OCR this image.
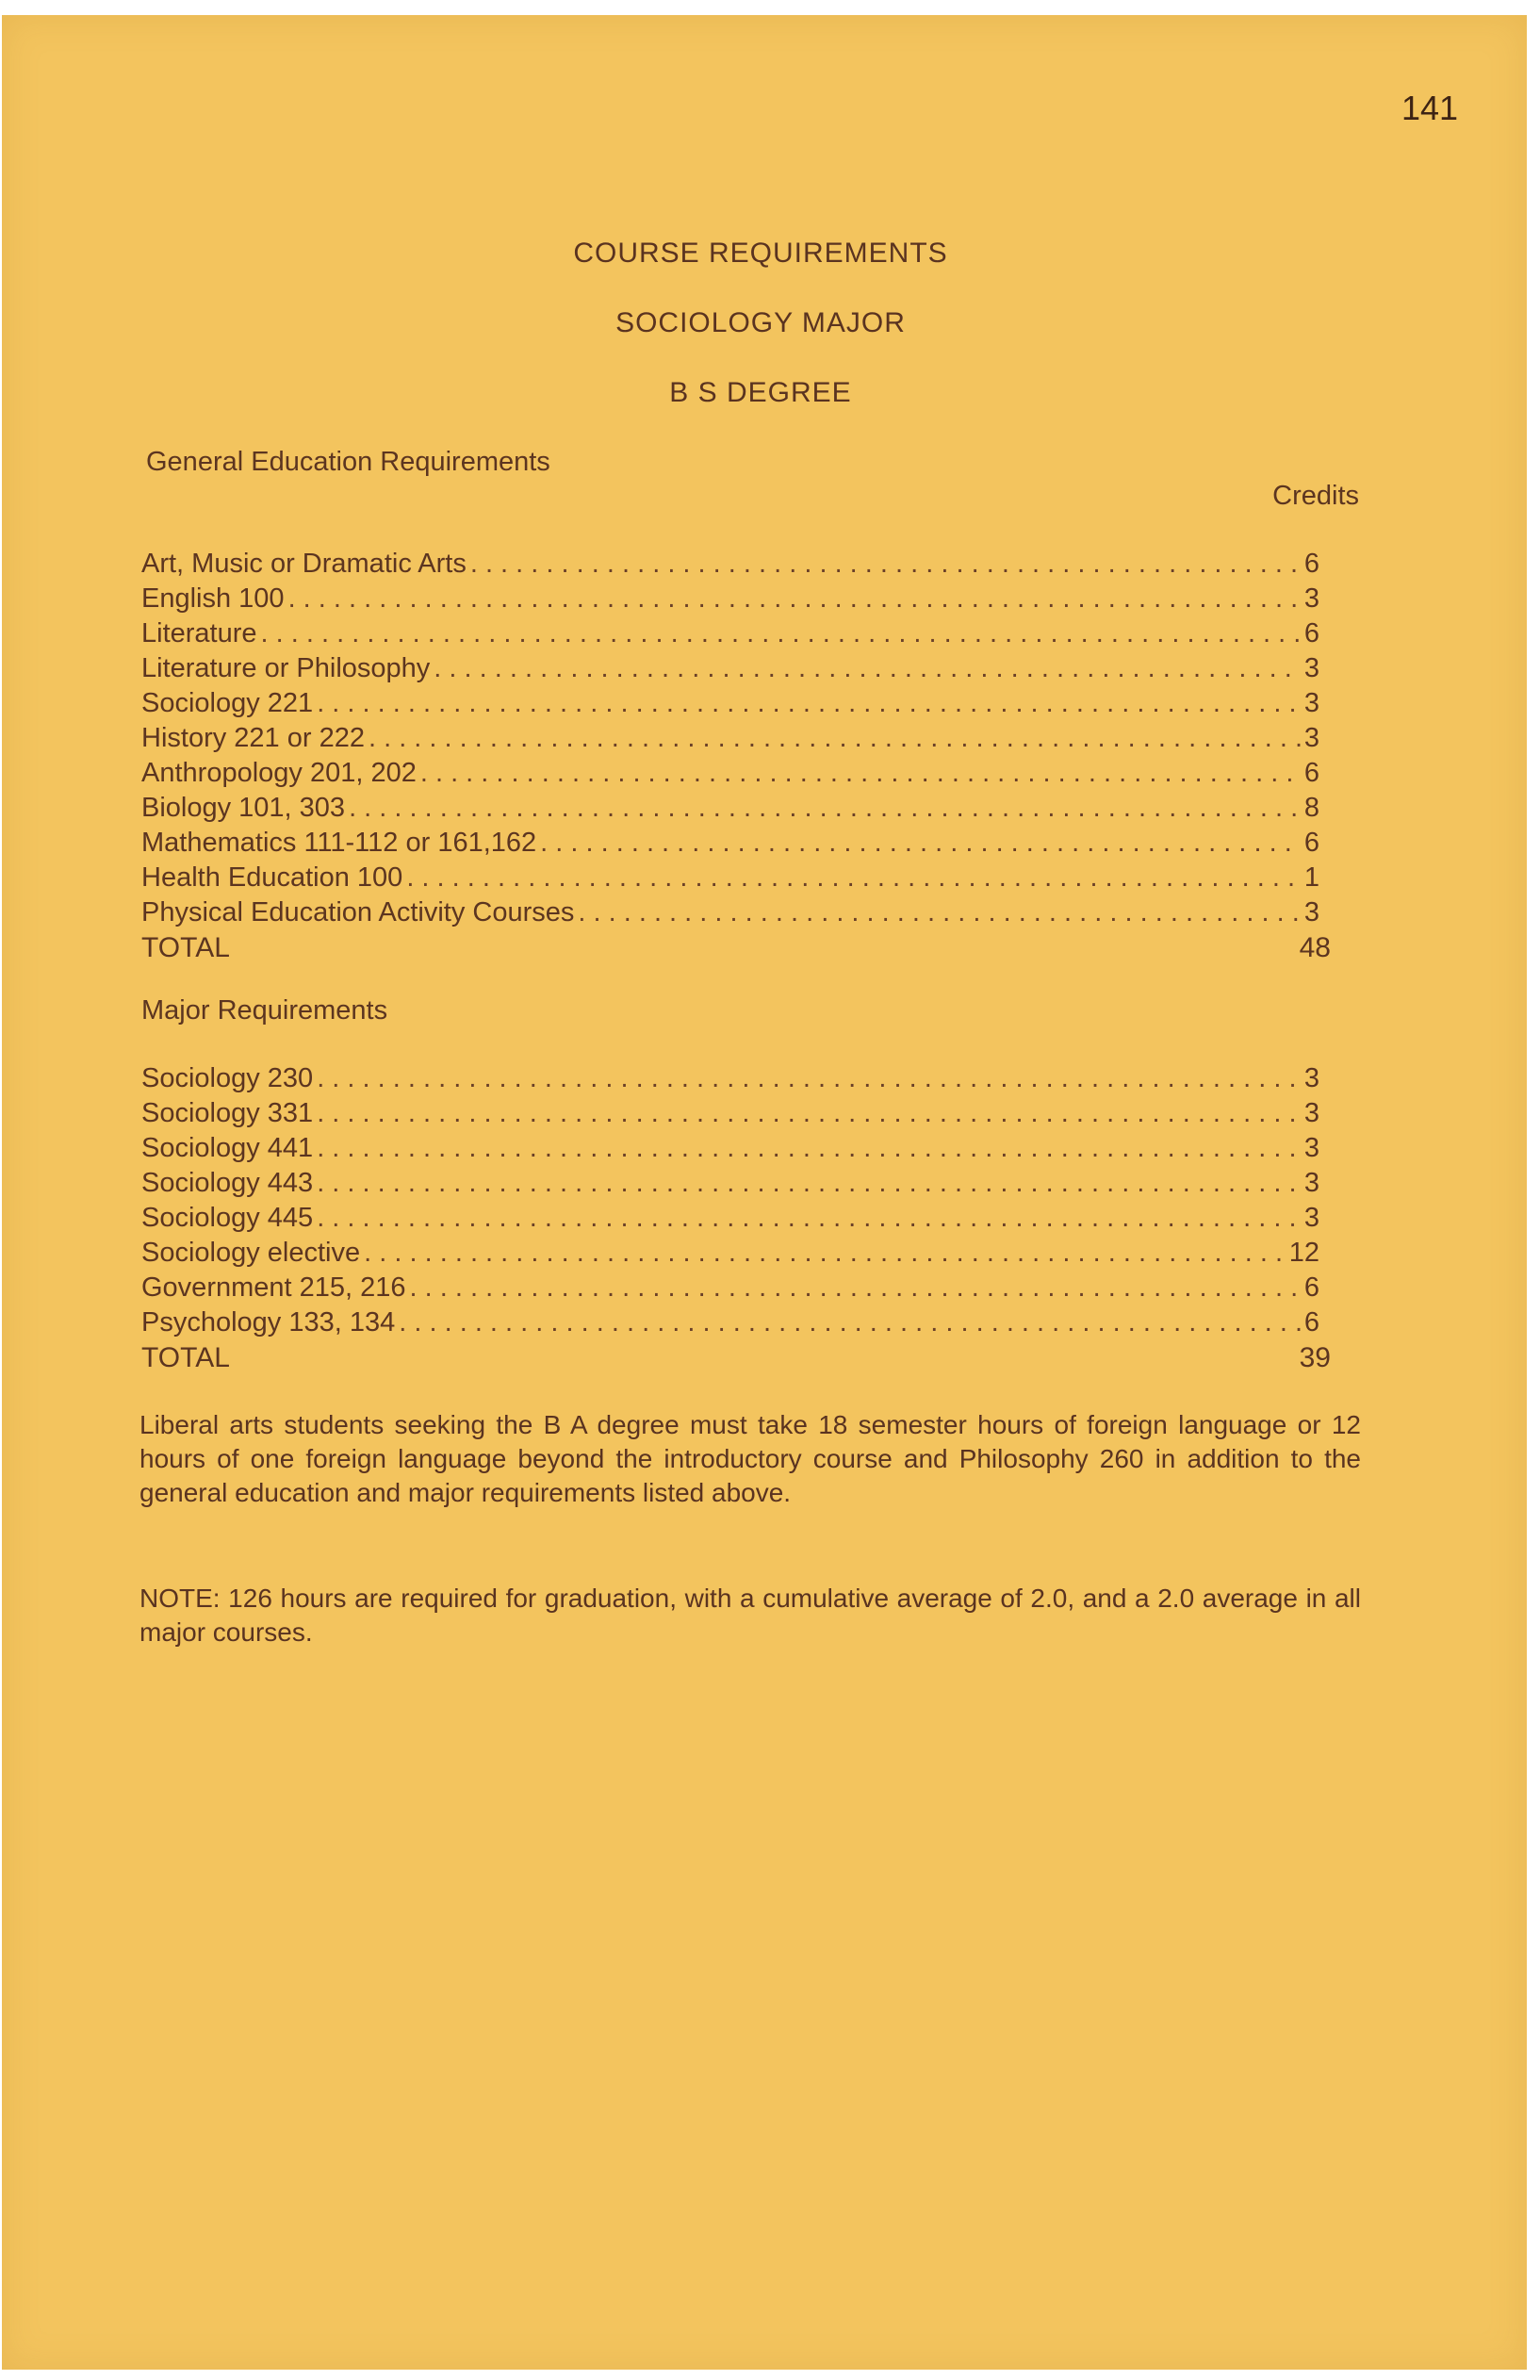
141
COURSE REQUIREMENTS
SOCIOLOGY MAJOR
B S DEGREE
General Education Requirements
Credits
Art, Music or Dramatic Arts . . .	6
English 100 . . .	3
Literature . . .	6
Literature or Philosophy . . .	3
Sociology 221 . . .	3
History 221 or 222 . . .	3
Anthropology 201, 202 . . .	6
Biology 101, 303 . . .	8
Mathematics 111-112 or 161,162 . . .	6
Health Education 100 . . .	1
Physical Education Activity Courses . . .	3
TOTAL	48
Major Requirements
Sociology 230 . . .	3
Sociology 331 . . .	3
Sociology 441 . . .	3
Sociology 443 . . .	3
Sociology 445 . . .	3
Sociology elective . . .	12
Government 215, 216 . . .	6
Psychology 133, 134 . . .	6
TOTAL	39
Liberal arts students seeking the B A degree must take 18 semester hours of foreign language or 12 hours of one foreign language beyond the introductory course and Philosophy 260 in addition to the general education and major requirements listed above.
NOTE: 126 hours are required for graduation, with a cumulative average of 2.0, and a 2.0 average in all major courses.
